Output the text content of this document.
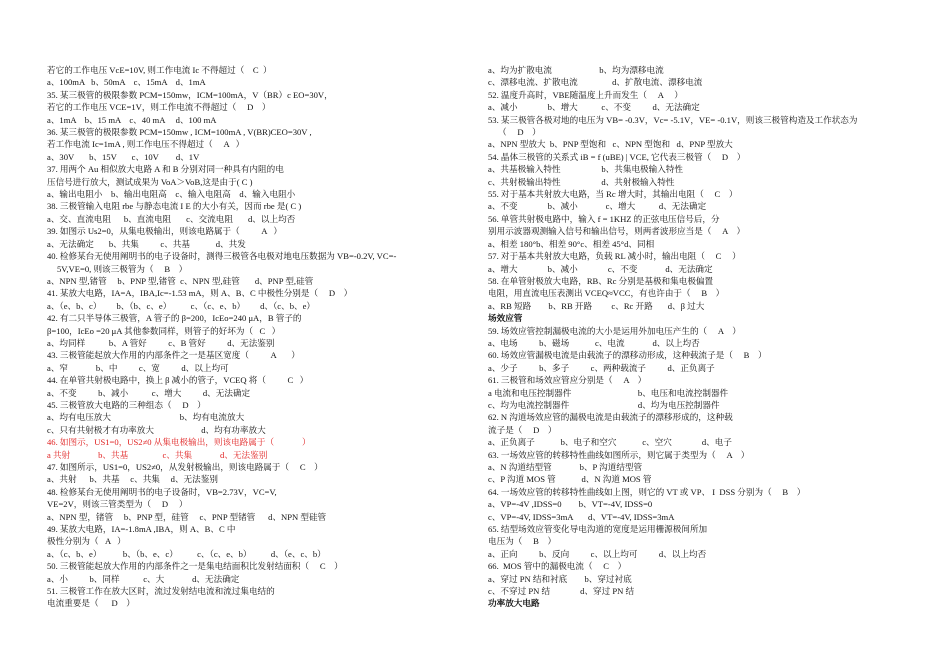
若它的工作电压 VcE=10V, 则工作电流 Ic 不得超过（    C  ）
a、100mA   b、50mA    c、15mA    d、1mA
35. 某三极管的极限参数 PCM=150mw，ICM=100mA，V（BR）c EO=30V，
若它的工作电压 VCE=1V，则工作电流不得超过（     D    ）
a、1mA    b、15 mA    c、40 mA     d、100 mA
36. 某三极管的极限参数 PCM=150mw , ICM=100mA , V(BR)CEO=30V ,
若工作电流 Ic=1mA , 则工作电压不得超过（     A   ）
a、30V       b、15V       c、10V        d、1V
37. 用两个 Au 相似放大电路 A 和 B 分别对同一种具有内阻的电
压信号进行放大，测试成果为 VoA＞VoB,这是由于( C )
a、输出电阻小    b、输出电阻高    c、输入电阻高    d、输入电阻小
38. 三极管输入电阻 rbe 与静态电流 I E 的大小有关，因而 rbe 是( C )
a、交、直流电阻      b、直流电阻       c、交流电阻       d、以上均否
39. 如图示 Us2=0，从集电极输出，则该电路属于（          A   ）
a、无法确定       b、共集          c、共基            d、共发
40. 检修某台无使用阐明书的电子设备时，测得三极管各电极对地电压数据为 VB=-0.2V, VC=-
5V,VE=0, 则该三极管为（     B    ）
a、NPN 型,锗管     b、PNP 型,锗管  c、NPN 型,硅管       d、PNP 型,硅管
41. 某放大电路，IA=A，IBA,Ic=-1.53 mA，则 A、B、C 中极性分别是（     D    ）
a、（e、b、c）       b、（b、c、e）         c、（c、e、b）       d、（c、b、e）
42. 有二只半导体三极管，A 管子的 β=200，IcEo=240 μA，B 管子的
β=100，IcEo =20 μA 其他参数同样，则管子的好坏为（   C   ）
a、均同样           b、A 管好          c、B 管好          d、无法鉴别
43. 三极管能起放大作用的内部条件之一是基区宽度（          A       ）
a、窄             b、中          c、宽          d、以上均可
44. 在单管共射极电路中，换上 β 减小的管子，VCEQ 将（          C   ）
a、不变          b、减小           c、增大          d、无法确定
45. 三极管放大电路的三种组态（     D    ）
a、均有电压放大                                b、均有电流放大
c、只有共射极才有功率放大                      d、均有功率放大
46. 如图示，US1=0，US2≠0 从集电极输出，则该电路属于（             ）
a 共射             b、共基                c、共集             d、无法鉴别
47. 如图所示，US1=0，US2≠0，从发射极输出，则该电路属于（     C    ）
a、共射      b、共基     c、共集     d、无法鉴别
48. 检修某台无使用阐明书的电子设备时，VB=2.73V，VC=V,
VE=2V，则该三管类型为（     D     ）
a、NPN 型，锗管     b、PNP 型，硅管     c、PNP 型锗管      d、NPN 型硅管
49. 某放大电路，IA=-1.8mA ,IBA，则 A、B、C 中
极性分别为（   A   ）
a、（c、b、e）          b、（b、e、c）         c、（c、e、b）         d、（e、c、b）
50. 三极管能起放大作用的内部条件之一是集电结面积比发射结面积（     C    ）
a、小          b、同样           c、大             d、无法确定
51. 三极管工作在放大区时，流过发射结电流和流过集电结的
电流重要是（      D    ）
a、均为扩散电流                      b、均为漂移电流
c、漂移电流、扩散电流                d、扩散电流、漂移电流
52. 温度升高时，VBE随温度上升而发生（     A     ）
a、减小              b、增大           c、不变          d、无法确定
53. 某三极管各极对地的电压为 VB= -0.3V，Vc= -5.1V，VE= -0.1V，则该三极管构造及工作状态为
（     D    ）
a、NPN 型放大  b、PNP 型饱和   c、NPN 型饱和   d、PNP 型放大
54. 晶体三极管的关系式 iB = f (uBE) | VCE, 它代表三极管（     D    ）
a、共基极输入特性                   b、共集电极输入特性
c、共射极输出特性                   d、共射极输入特性
55. 对于基本共射放大电路，当 Rc 增大时，其输出电阻（     C    ）
a、不变              b、减小             c、增大           d、无法确定
56. 单管共射极电路中，输入 f = 1KHZ 的正弦电压信号后，分
别用示波器观测输入信号和输出信号，则两者波形应当是（     A    ）
a、相差 180°b、相差 90°c、相差 45°d、同相
57. 对于基本共射放大电路，负载 RL 减小时，输出电阻（     C     ）
a、增大              b、减小              c、不变             d、无法确定
58. 在单管射极放大电路，RB、Rc 分别是基极和集电极偏置
电阻，用直流电压表测出 VCEQ≈VCC，有也许由于（     B    ）
a、RB 短路        b、RB 开路         c、Rc 开路       d、β 过大
场效应管
59. 场效应管控制漏极电流的大小是运用外加电压产生的（     A    ）
a、电场          b、磁场            c、电流             d、以上均否
60. 场效应管漏极电流是由载流子的漂移动形成，这种载流子是（     B    ）
a、少子          b、多子          c、两种载流子          d、正负离子
61. 三极管和场效应管应分别是（     A    ）
a 电流和电压控制器件                               b、电压和电流控制器件
c、均为电流控制器件                                d、均为电压控制器件
62. N 沟道场效应管的漏极电流是由载流子的漂移形成的，这种载
流子是（     D    ）
a、正负离子            b、电子和空穴            c、空穴              d、电子
63. 一场效应管的转移特性曲线如图所示，则它属于类型为（     A    ）
a、N 沟道结型管             b、P 沟道结型管
c、P 沟道 MOS 管            d、N 沟道 MOS 管
64. 一场效应管的转移特性曲线如上图，则它的 VT 或 VP、 I  DSS 分别为（     B    ）
a、VP=-4V ,IDSS=0        b、VT=-4V, IDSS=0
c、VP=-4V, IDSS=3mA       d、VT=-4V, IDSS=3mA
65. 结型场效应管变化导电沟道的宽度是运用栅源极间所加
电压为（     B    ）
a、正向          b、反向          c、以上均可          d、以上均否
66.  MOS 管中的漏极电流（     C    ）
a、穿过 PN 结和衬底        b、穿过衬底
c、不穿过 PN 结              d、穿过 PN 结
功率放大电路
